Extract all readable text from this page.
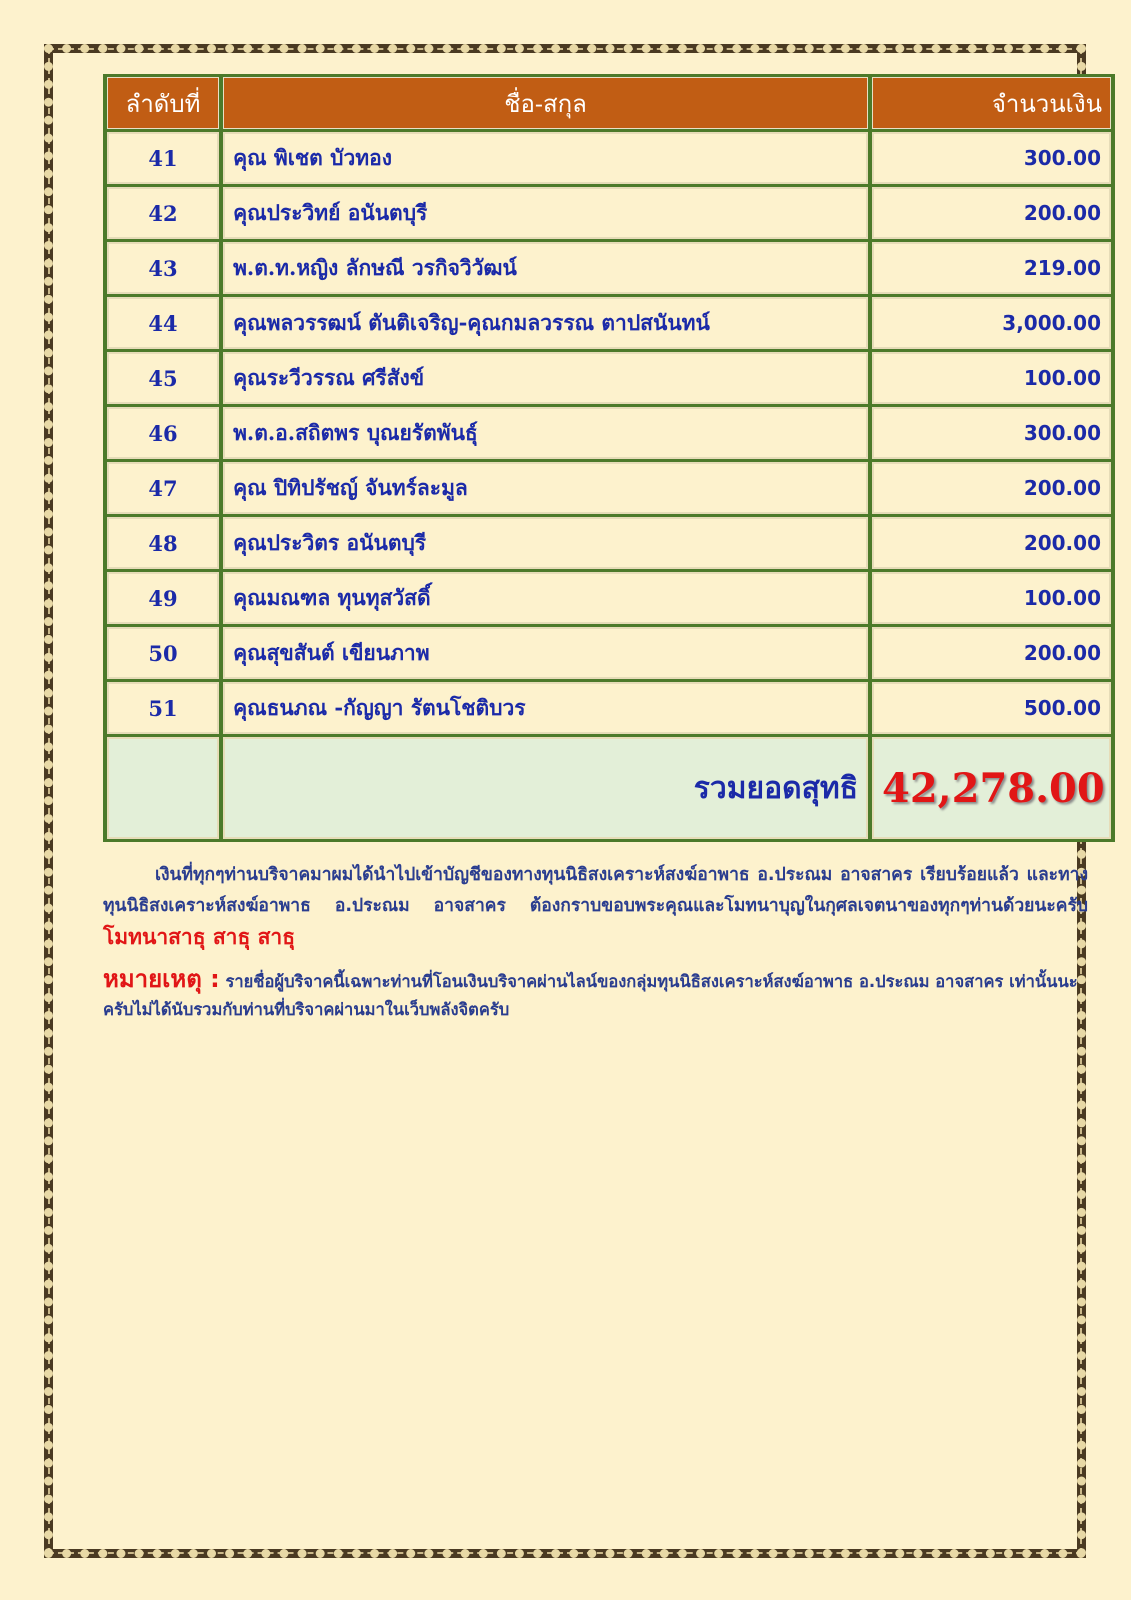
ลำดับที่	ชื่อ-สกุล	จำนวนเงิน
41	คุณ พิเชต บัวทอง	300.00
42	คุณประวิทย์ อนันตบุรี	200.00
43	พ.ต.ท.หญิง ลักษณี วรกิจวิวัฒน์	219.00
44	คุณพลวรรฒน์ ตันติเจริญ-คุณกมลวรรณ ตาปสนันทน์	3,000.00
45	คุณระวีวรรณ ศรีสังข์	100.00
46	พ.ต.อ.สถิตพร บุณยรัตพันธุ์	300.00
47	คุณ ปิทิปรัชญ์ จันทร์ละมูล	200.00
48	คุณประวิตร อนันตบุรี	200.00
49	คุณมณฑล ทุนทุสวัสดิ์	100.00
50	คุณสุขสันต์ เขียนภาพ	200.00
51	คุณธนภณ -กัญญา รัตนโชติบวร	500.00
	รวมยอดสุทธิ	42,278.00
เงินที่ทุกๆท่านบริจาคมาผมได้นำไปเข้าบัญชีของทางทุนนิธิสงเคราะห์สงฆ์อาพาธ อ.ประณม อาจสาคร เรียบร้อยแล้ว และทางทุนนิธิสงเคราะห์สงฆ์อาพาธ อ.ประณม อาจสาคร ต้องกราบขอบพระคุณและโมทนาบุญในกุศลเจตนาของทุกๆท่านด้วยนะครับ โมทนาสาธุ สาธุ สาธุ
หมายเหตุ : รายชื่อผู้บริจาคนี้เฉพาะท่านที่โอนเงินบริจาคผ่านไลน์ของกลุ่มทุนนิธิสงเคราะห์สงฆ์อาพาธ อ.ประณม อาจสาคร เท่านั้นนะครับไม่ได้นับรวมกับท่านที่บริจาคผ่านมาในเว็บพลังจิตครับ
